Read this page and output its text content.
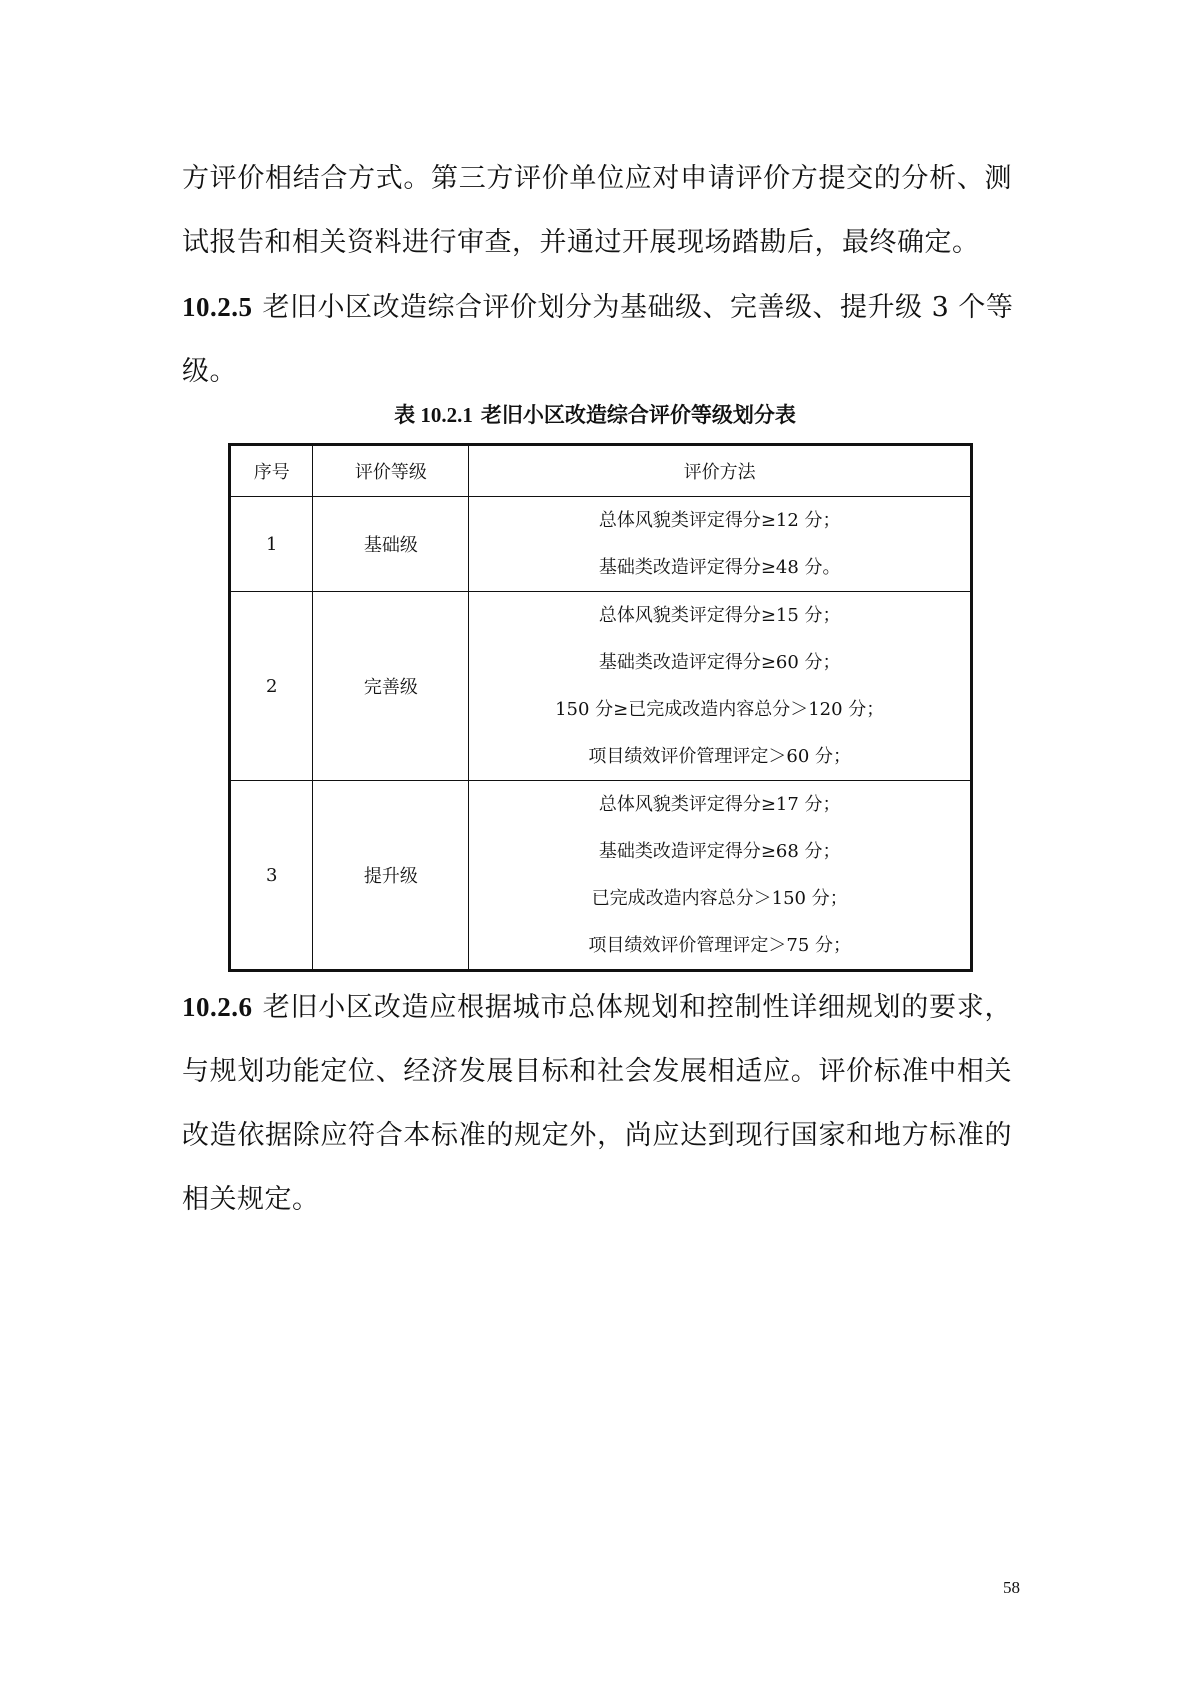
方评价相结合方式。第三方评价单位应对申请评价方提交的分析、测
试报告和相关资料进行审查，并通过开展现场踏勘后，最终确定。
10.2.5 老旧小区改造综合评价划分为基础级、完善级、提升级 3 个等
级。
表 10.2.1 老旧小区改造综合评价等级划分表
序号	评价等级	评价方法
1	基础级	总体风貌类评定得分≥12 分；
基础类改造评定得分≥48 分。

2	完善级	总体风貌类评定得分≥15 分；
基础类改造评定得分≥60 分；
150 分≥已完成改造内容总分＞120 分；
项目绩效评价管理评定＞60 分；

3	提升级	总体风貌类评定得分≥17 分；
基础类改造评定得分≥68 分；
已完成改造内容总分＞150 分；
项目绩效评价管理评定＞75 分；
10.2.6 老旧小区改造应根据城市总体规划和控制性详细规划的要求，
与规划功能定位、经济发展目标和社会发展相适应。评价标准中相关
改造依据除应符合本标准的规定外，尚应达到现行国家和地方标准的
相关规定。
58
